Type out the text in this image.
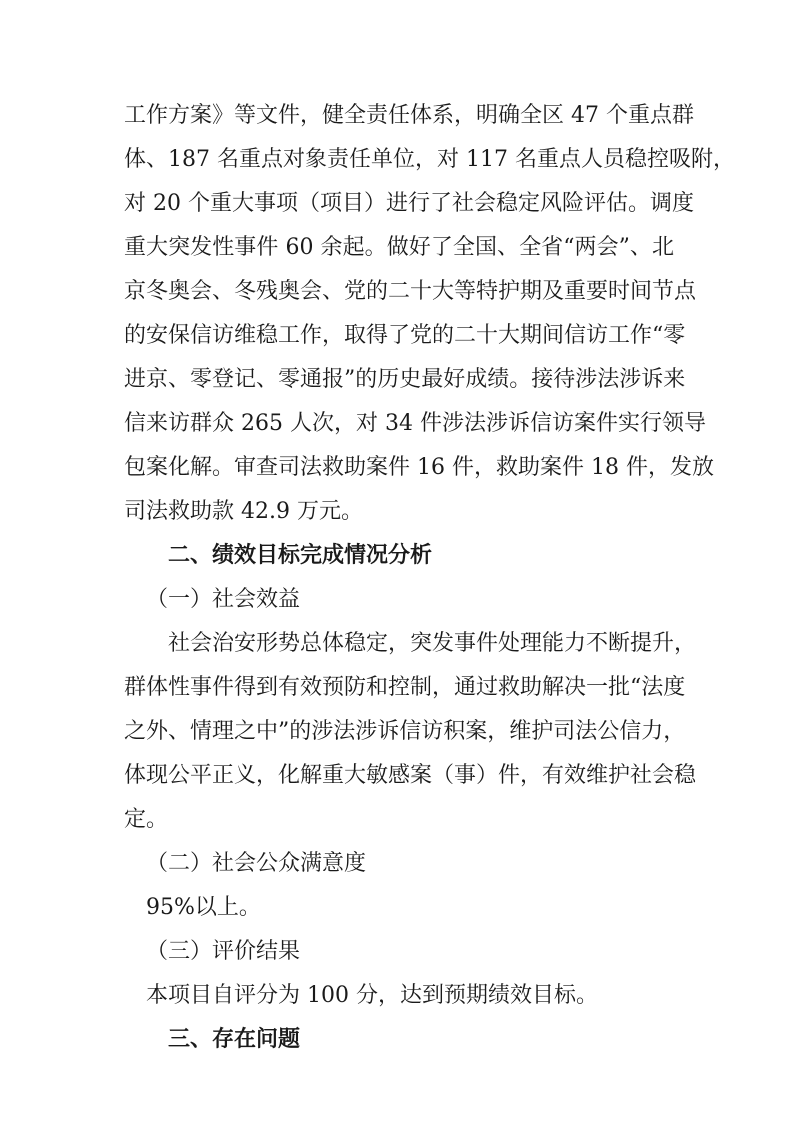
工作方案》等文件，健全责任体系，明确全区 47 个重点群
体、187 名重点对象责任单位，对 117 名重点人员稳控吸附，
对 20 个重大事项（项目）进行了社会稳定风险评估。调度
重大突发性事件 60 余起。做好了全国、全省“两会”、北
京冬奥会、冬残奥会、党的二十大等特护期及重要时间节点
的安保信访维稳工作，取得了党的二十大期间信访工作“零
进京、零登记、零通报”的历史最好成绩。接待涉法涉诉来
信来访群众 265 人次，对 34 件涉法涉诉信访案件实行领导
包案化解。审查司法救助案件 16 件，救助案件 18 件，发放
司法救助款 42.9 万元。
二、绩效目标完成情况分析
（一）社会效益
社会治安形势总体稳定，突发事件处理能力不断提升，
群体性事件得到有效预防和控制，通过救助解决一批“法度
之外、情理之中”的涉法涉诉信访积案，维护司法公信力，
体现公平正义，化解重大敏感案（事）件，有效维护社会稳
定。
（二）社会公众满意度
95%以上。
（三）评价结果
本项目自评分为 100 分，达到预期绩效目标。
三、存在问题
